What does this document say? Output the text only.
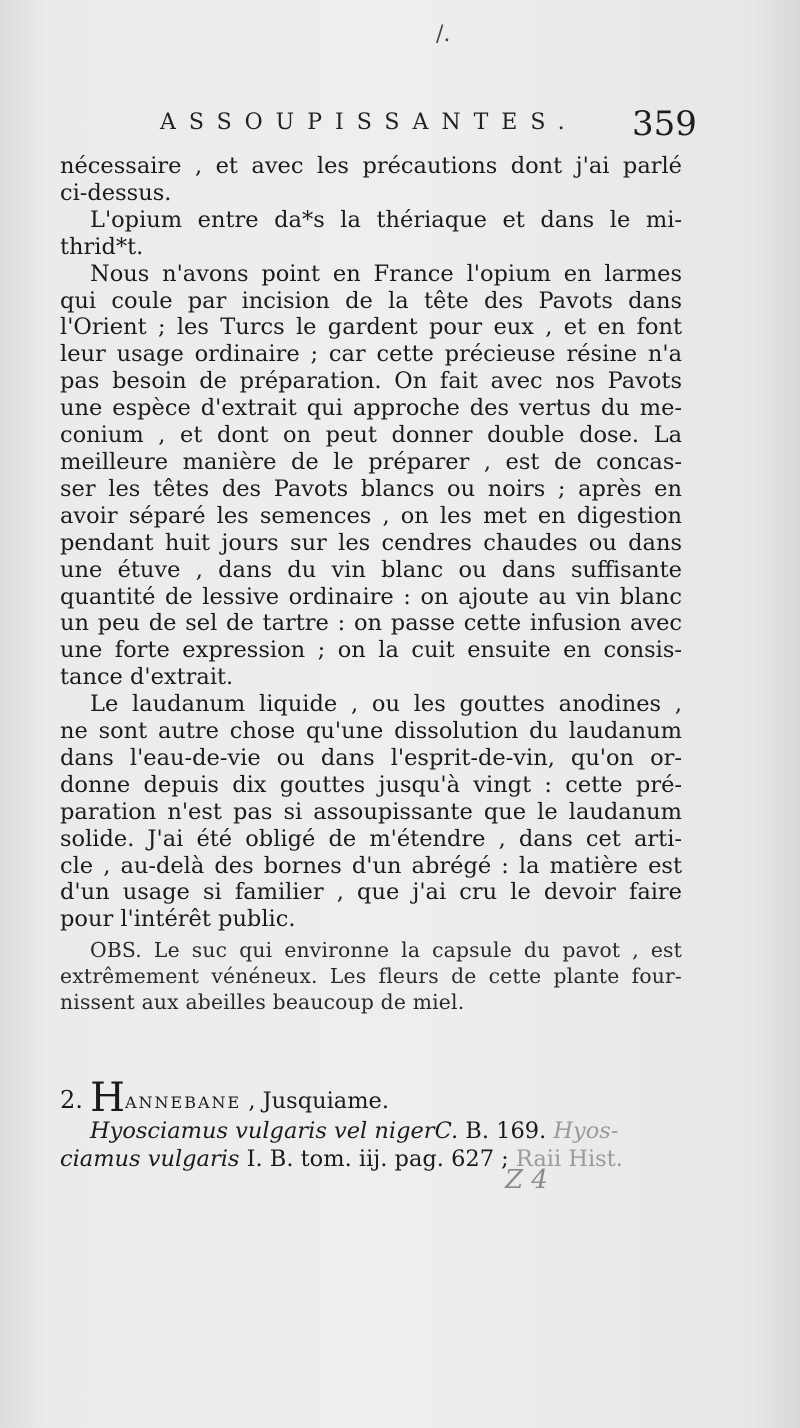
/.
ASSOUPISSANTES. 359
nécessaire , et avec les précautions dont j'ai parlé
ci-dessus.
L'opium entre da*s la thériaque et dans le mi-
thrid*t.
Nous n'avons point en France l'opium en larmes
qui coule par incision de la tête des Pavots dans
l'Orient ; les Turcs le gardent pour eux , et en font
leur usage ordinaire ; car cette précieuse résine n'a
pas besoin de préparation. On fait avec nos Pavots
une espèce d'extrait qui approche des vertus du me-
conium , et dont on peut donner double dose. La
meilleure manière de le préparer , est de concas-
ser les têtes des Pavots blancs ou noirs ; après en
avoir séparé les semences , on les met en digestion
pendant huit jours sur les cendres chaudes ou dans
une étuve , dans du vin blanc ou dans suffisante
quantité de lessive ordinaire : on ajoute au vin blanc
un peu de sel de tartre : on passe cette infusion avec
une forte expression ; on la cuit ensuite en consis-
tance d'extrait.
Le laudanum liquide , ou les gouttes anodines ,
ne sont autre chose qu'une dissolution du laudanum
dans l'eau-de-vie ou dans l'esprit-de-vin, qu'on or-
donne depuis dix gouttes jusqu'à vingt : cette pré-
paration n'est pas si assoupissante que le laudanum
solide. J'ai été obligé de m'étendre , dans cet arti-
cle , au-delà des bornes d'un abrégé : la matière est
d'un usage si familier , que j'ai cru le devoir faire
pour l'intérêt public.
OBS. Le suc qui environne la capsule du pavot , est
extrêmement vénéneux. Les fleurs de cette plante four-
nissent aux abeilles beaucoup de miel.
2. HANNEBANE , Jusquiame.
Hyosciamus vulgaris vel nigerC. B. 169. Hyos-
ciamus vulgaris I. B. tom. iij. pag. 627 ; Raii Hist.
Z 4
